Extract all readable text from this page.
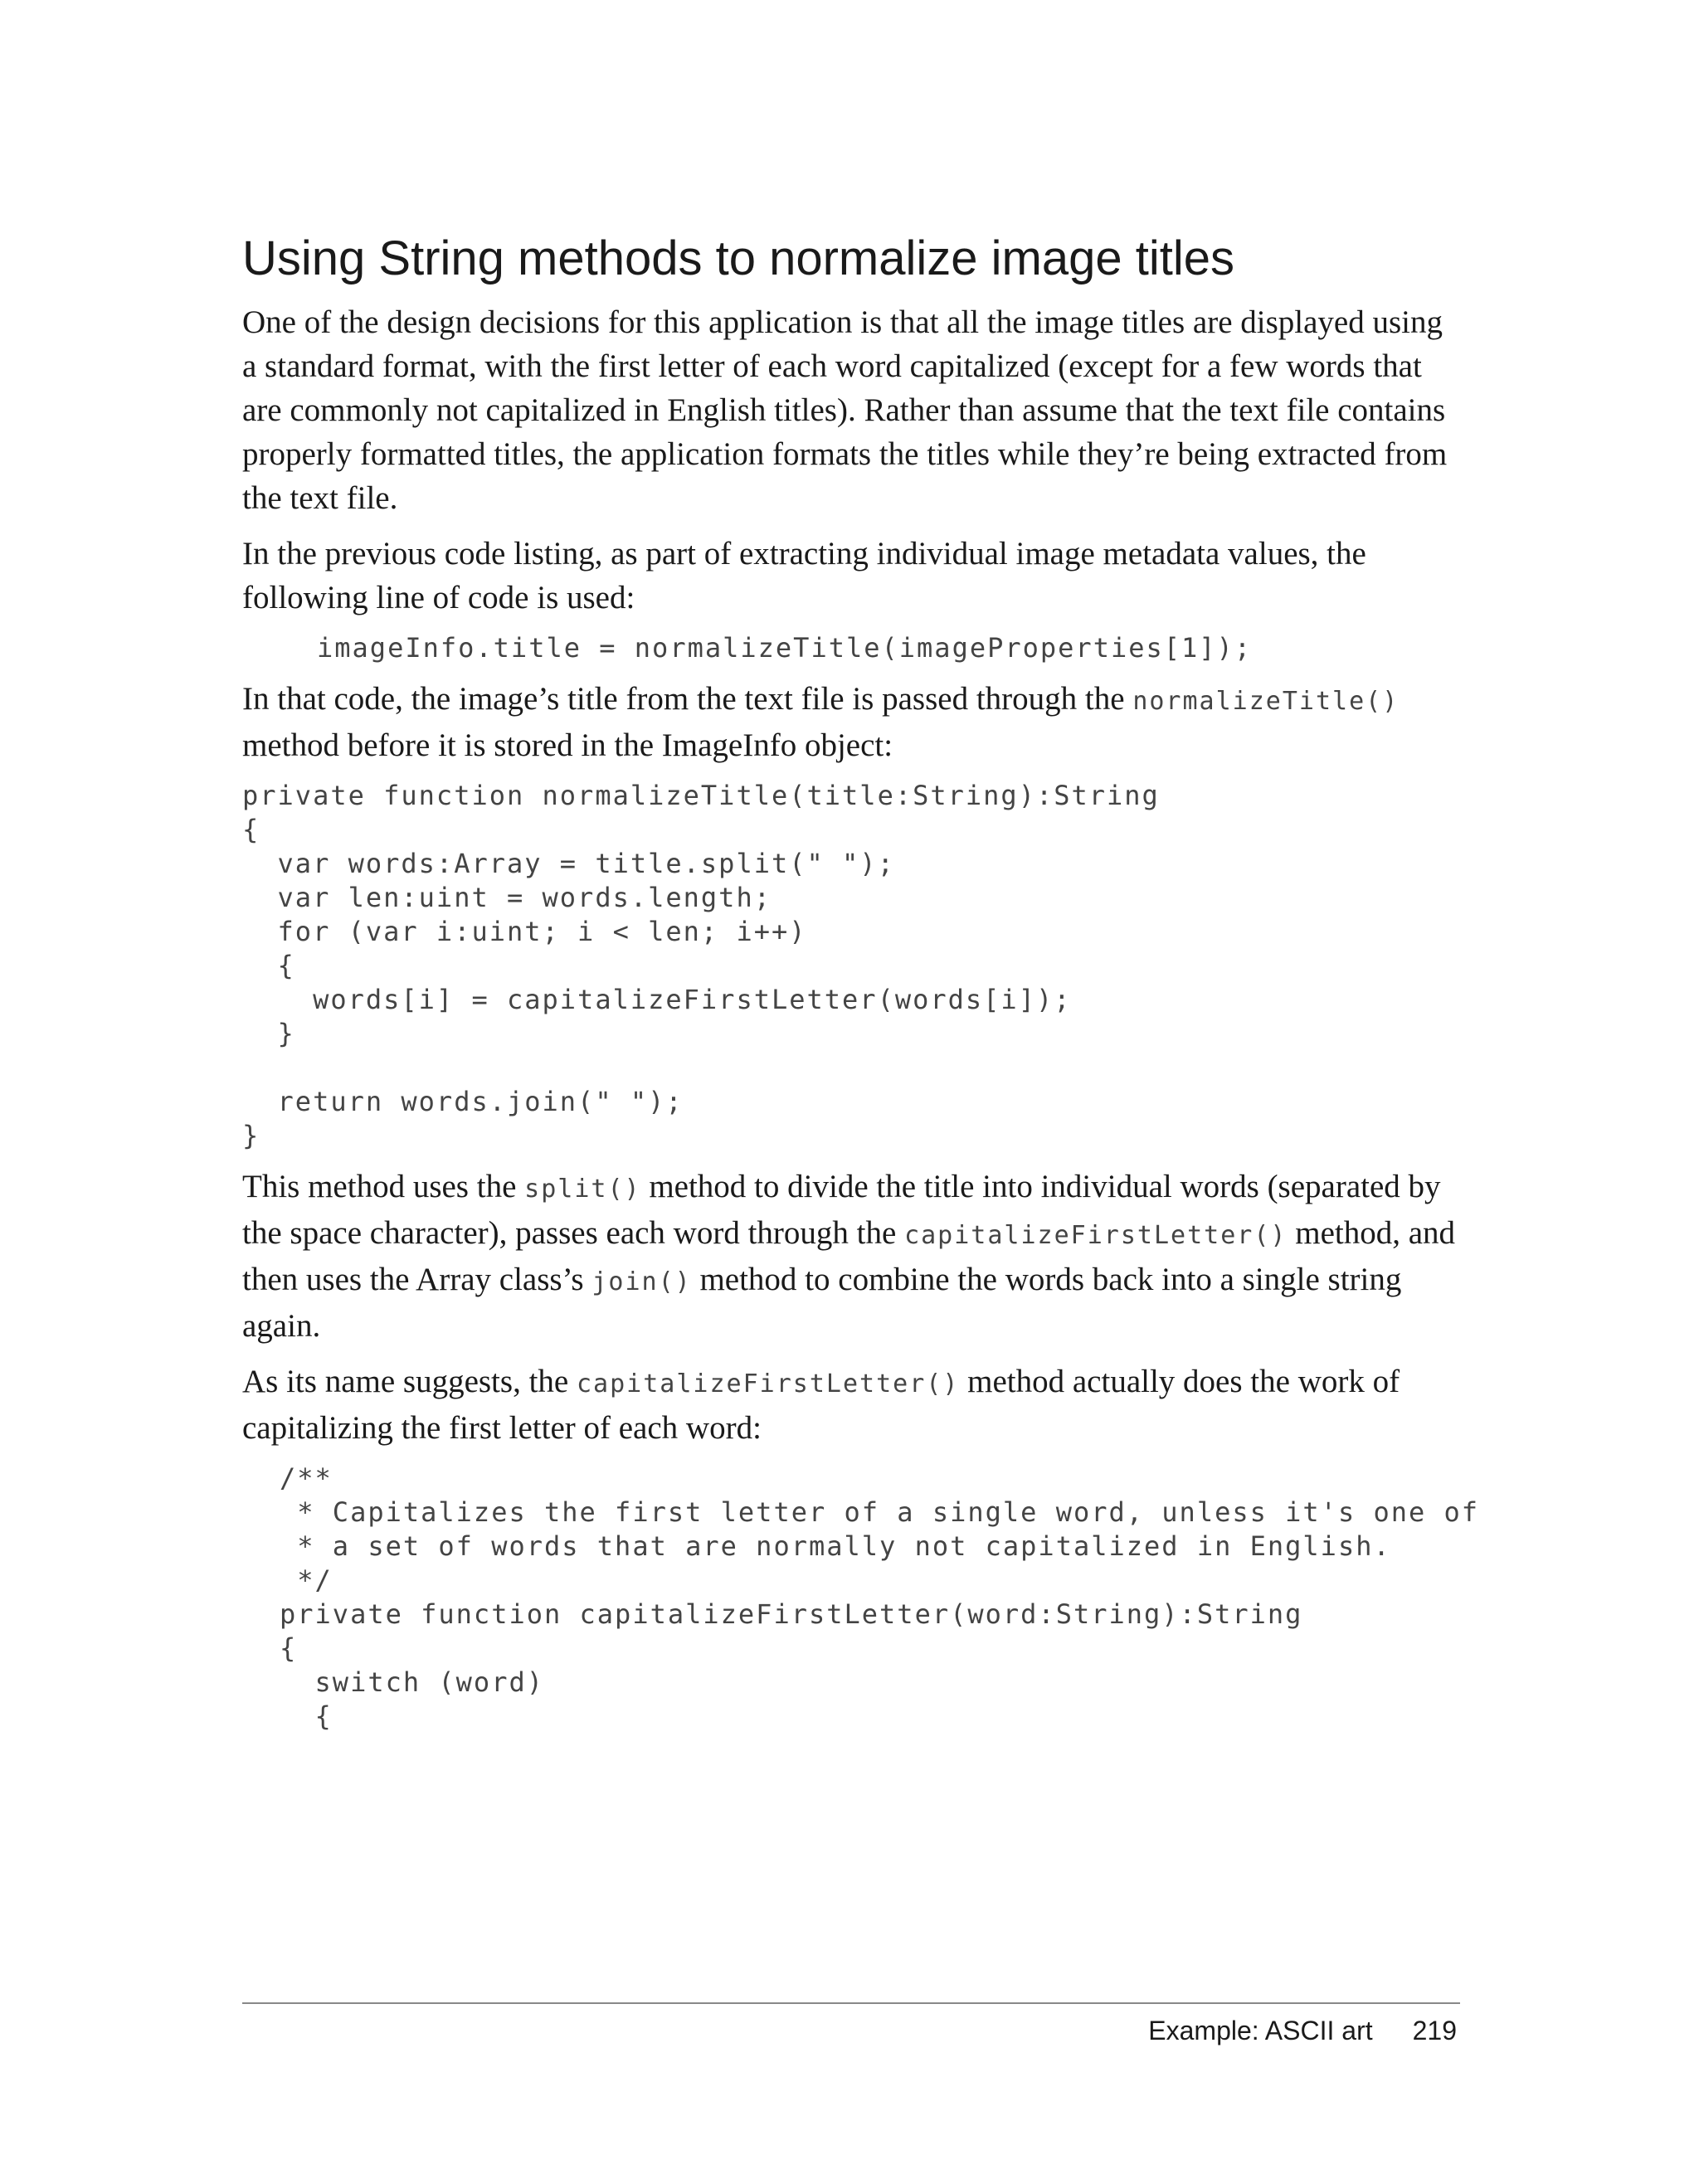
Using String methods to normalize image titles

One of the design decisions for this application is that all the image titles are displayed using a standard format, with the first letter of each word capitalized (except for a few words that are commonly not capitalized in English titles). Rather than assume that the text file contains properly formatted titles, the application formats the titles while they’re being extracted from the text file.

In the previous code listing, as part of extracting individual image metadata values, the following line of code is used:

imageInfo.title = normalizeTitle(imageProperties[1]);

In that code, the image’s title from the text file is passed through the normalizeTitle() method before it is stored in the ImageInfo object:

private function normalizeTitle(title:String):String
{
var words:Array = title.split(" ");
var len:uint = words.length;
for (var i:uint; i < len; i++)
{
words[i] = capitalizeFirstLetter(words[i]);
}

return words.join(" ");
}

This method uses the split() method to divide the title into individual words (separated by the space character), passes each word through the capitalizeFirstLetter() method, and then uses the Array class’s join() method to combine the words back into a single string again.

As its name suggests, the capitalizeFirstLetter() method actually does the work of capitalizing the first letter of each word:

/**
* Capitalizes the first letter of a single word, unless it's one of
* a set of words that are normally not capitalized in English.
*/
private function capitalizeFirstLetter(word:String):String
{
switch (word)
{
Example: ASCII art 219
